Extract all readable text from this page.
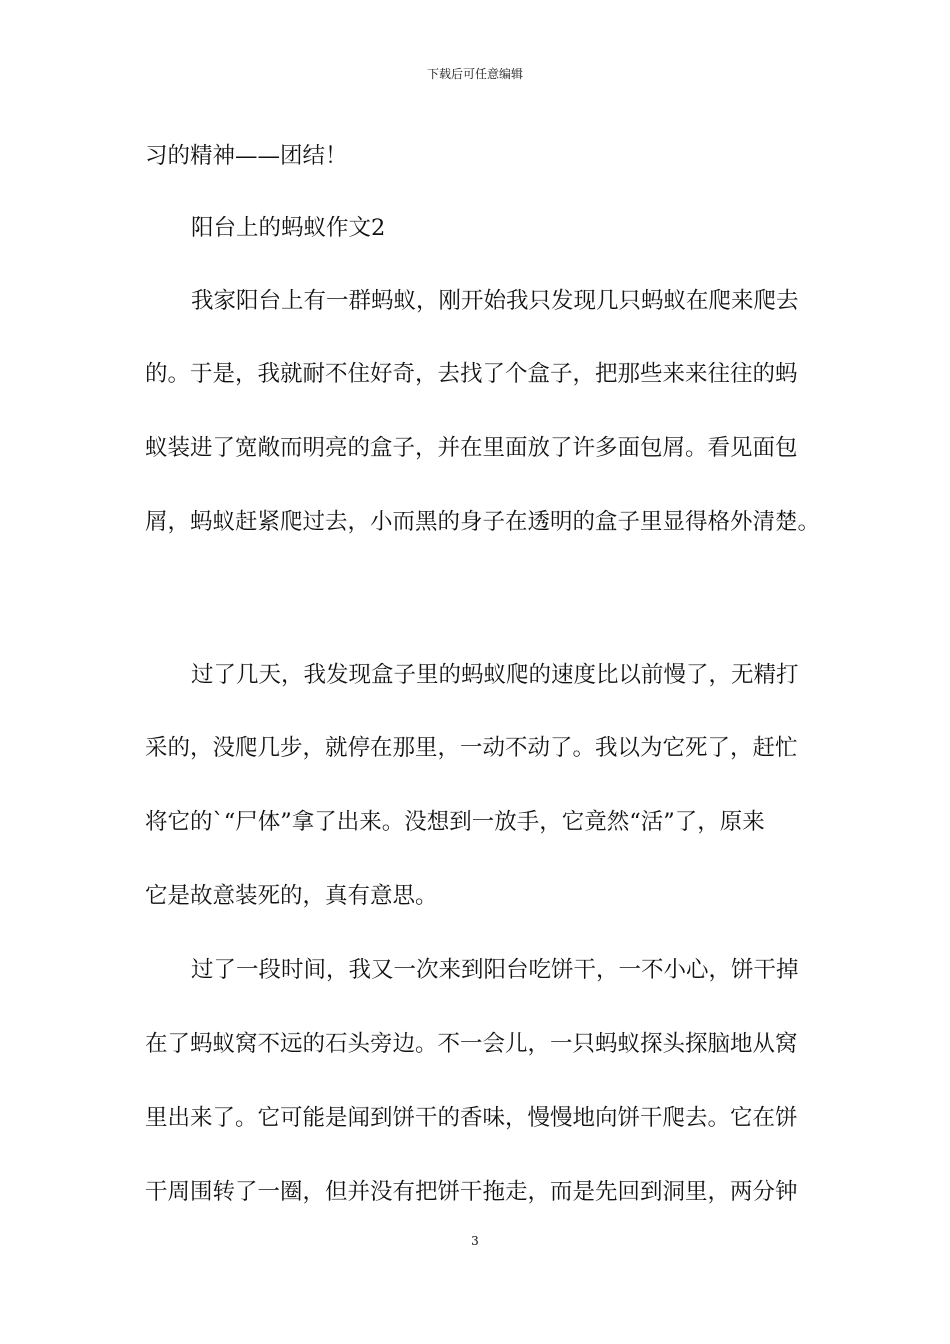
下载后可任意编辑
习的精神——团结！
阳台上的蚂蚁作文2
我家阳台上有一群蚂蚁，刚开始我只发现几只蚂蚁在爬来爬去
的。于是，我就耐不住好奇，去找了个盒子，把那些来来往往的蚂
蚁装进了宽敞而明亮的盒子，并在里面放了许多面包屑。看见面包
屑，蚂蚁赶紧爬过去，小而黑的身子在透明的盒子里显得格外清楚。
过了几天，我发现盒子里的蚂蚁爬的速度比以前慢了，无精打
采的，没爬几步，就停在那里，一动不动了。我以为它死了，赶忙
将它的`“尸体”拿了出来。没想到一放手，它竟然“活”了，原来
它是故意装死的，真有意思。
过了一段时间，我又一次来到阳台吃饼干，一不小心，饼干掉
在了蚂蚁窝不远的石头旁边。不一会儿，一只蚂蚁探头探脑地从窝
里出来了。它可能是闻到饼干的香味，慢慢地向饼干爬去。它在饼
干周围转了一圈，但并没有把饼干拖走，而是先回到洞里，两分钟
3
